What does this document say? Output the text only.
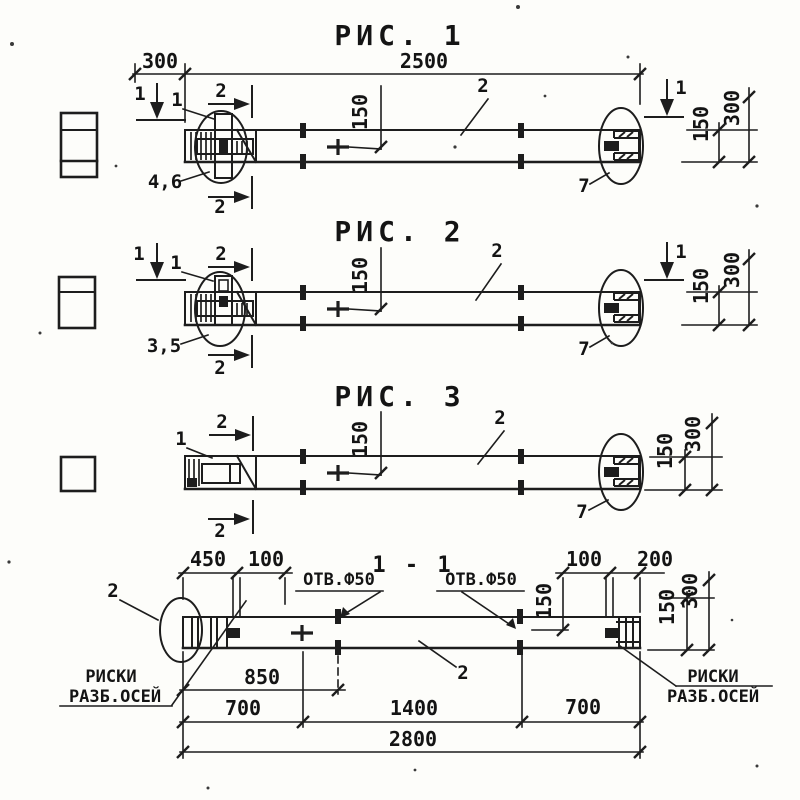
РИС. 1
300	2500
1	2
2
1
4,6
150
2
7
1
150 300
РИС. 2
1	2
2
1
3,5
150
2
7
1
150 300
РИС. 3
2
2
1	150
2
7
150 300
1 - 1
2
450 100	100 200
ОТВ.Ф50	ОТВ.Ф50
150
2
РИСКИ
РАЗБ.ОСЕЙ
РИСКИ
РАЗБ.ОСЕЙ
850
700	1400	700
2800
150 300
